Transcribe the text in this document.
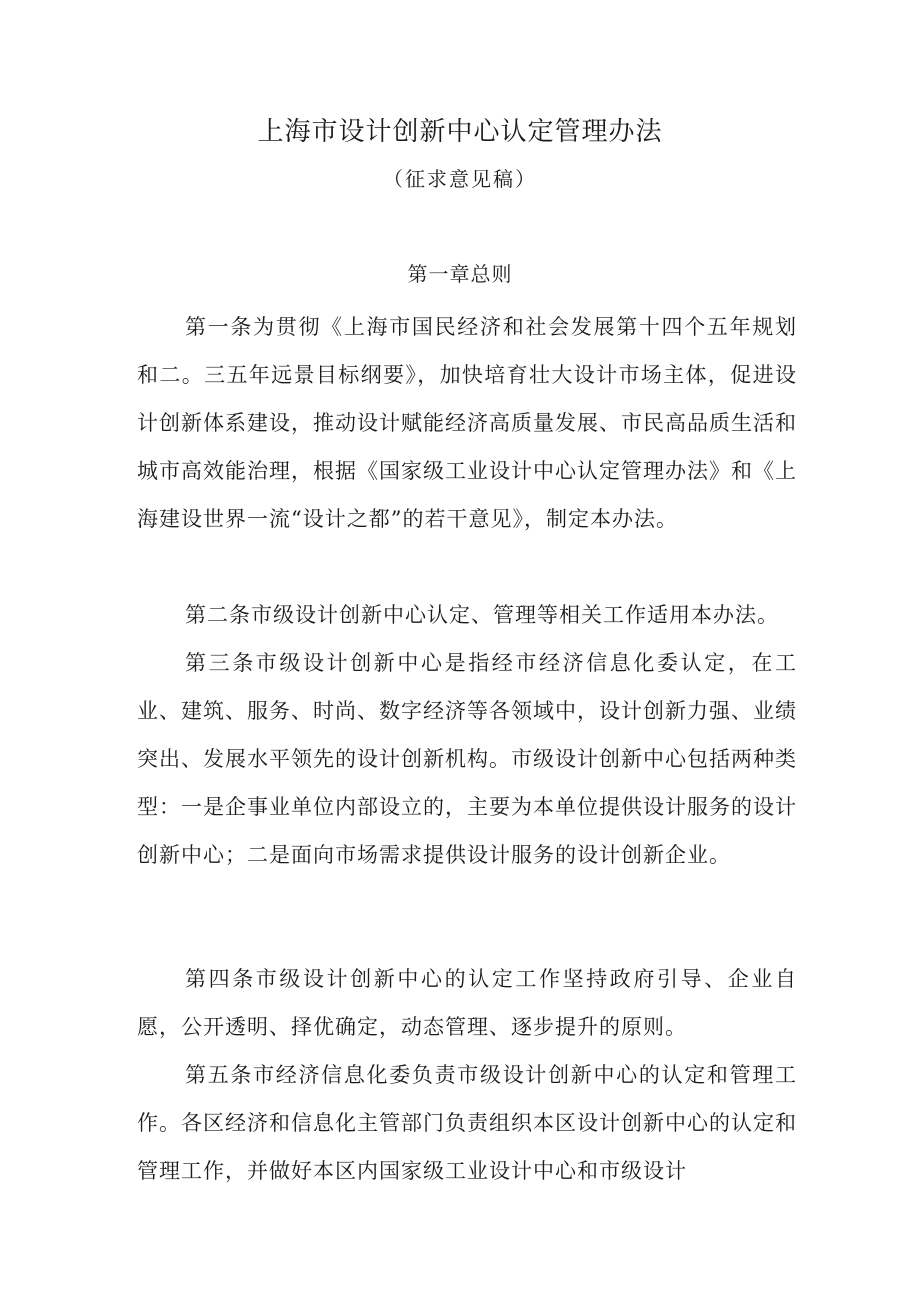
上海市设计创新中心认定管理办法
（征求意见稿）
第一章总则

第一条为贯彻《上海市国民经济和社会发展第十四个五年规划和二。三五年远景目标纲要》，加快培育壮大设计市场主体，促进设计创新体系建设，推动设计赋能经济高质量发展、市民高品质生活和城市高效能治理，根据《国家级工业设计中心认定管理办法》和《上海建设世界一流“设计之都”的若干意见》，制定本办法。

第二条市级设计创新中心认定、管理等相关工作适用本办法。

第三条市级设计创新中心是指经市经济信息化委认定，在工业、建筑、服务、时尚、数字经济等各领域中，设计创新力强、业绩突出、发展水平领先的设计创新机构。市级设计创新中心包括两种类型：一是企事业单位内部设立的，主要为本单位提供设计服务的设计创新中心；二是面向市场需求提供设计服务的设计创新企业。

第四条市级设计创新中心的认定工作坚持政府引导、企业自愿，公开透明、择优确定，动态管理、逐步提升的原则。

第五条市经济信息化委负责市级设计创新中心的认定和管理工作。各区经济和信息化主管部门负责组织本区设计创新中心的认定和管理工作，并做好本区内国家级工业设计中心和市级设计
